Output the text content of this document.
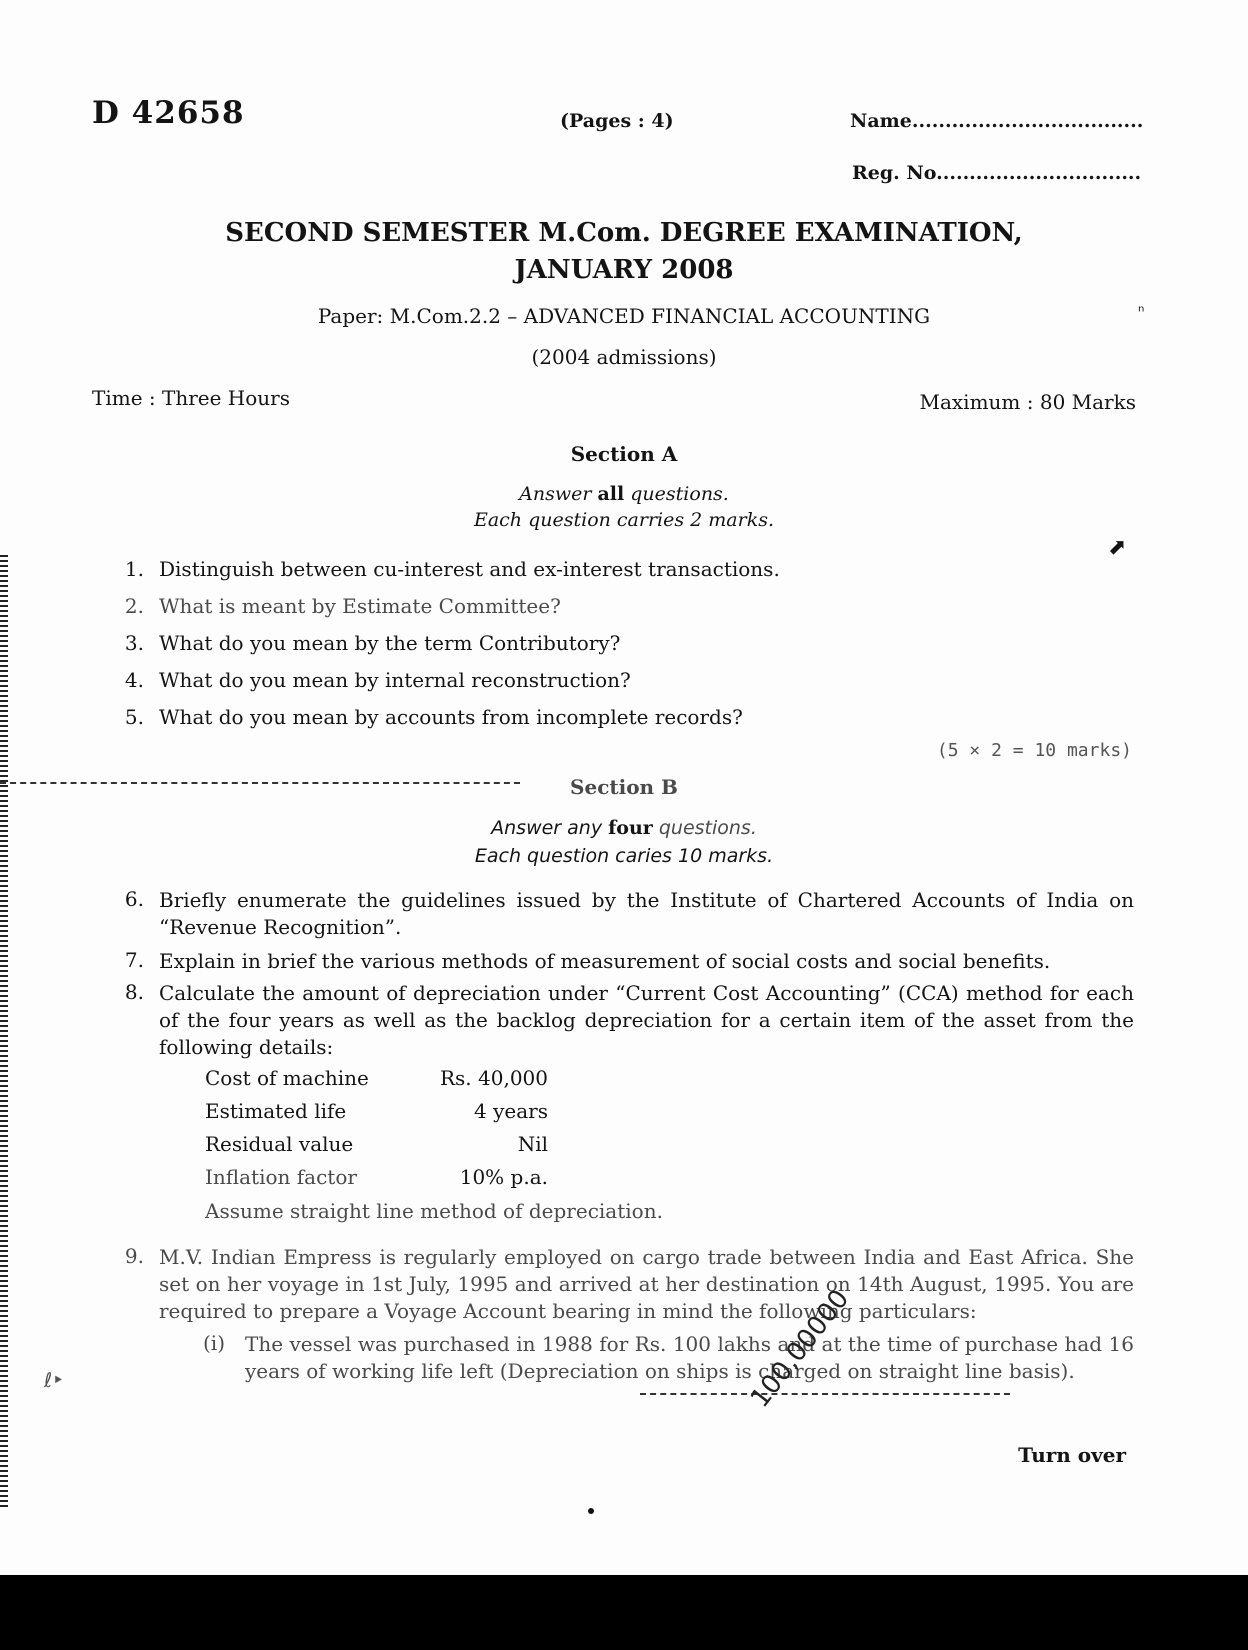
D 42658	(Pages : 4)	Name...................................
Reg. No...............................
ⁿ
SECOND SEMESTER M.Com. DEGREE EXAMINATION,
JANUARY 2008
Paper: M.Com.2.2 – ADVANCED FINANCIAL ACCOUNTING
(2004 admissions)
Time : Three Hours	Maximum : 80 Marks
Section A
Answer all questions.
Each question carries 2 marks.
⬈
1. Distinguish between cu-interest and ex-interest transactions.
2. What is meant by Estimate Committee?
3. What do you mean by the term Contributory?
4. What do you mean by internal reconstruction?
5. What do you mean by accounts from incomplete records?
(5 × 2 = 10 marks)
Section B
Answer any four questions.
Each question caries 10 marks.
6. Briefly enumerate the guidelines issued by the Institute of Chartered Accounts of India on “Revenue Recognition”.
7. Explain in brief the various methods of measurement of social costs and social benefits.
8. Calculate the amount of depreciation under “Current Cost Accounting” (CCA) method for each of the four years as well as the backlog depreciation for a certain item of the asset from the following details:
Cost of machine	Rs. 40,000
Estimated life	4 years
Residual value	Nil
Inflation factor	10% p.a.
Assume straight line method of depreciation.
9. M.V. Indian Empress is regularly employed on cargo trade between India and East Africa. She set on her voyage in 1st July, 1995 and arrived at her destination on 14th August, 1995. You are required to prepare a Voyage Account bearing in mind the following particulars:
(i) The vessel was purchased in 1988 for Rs. 100 lakhs and at the time of purchase had 16 years of working life left (Depreciation on ships is charged on straight line basis).
ℓ‣	100,00000
Turn over
